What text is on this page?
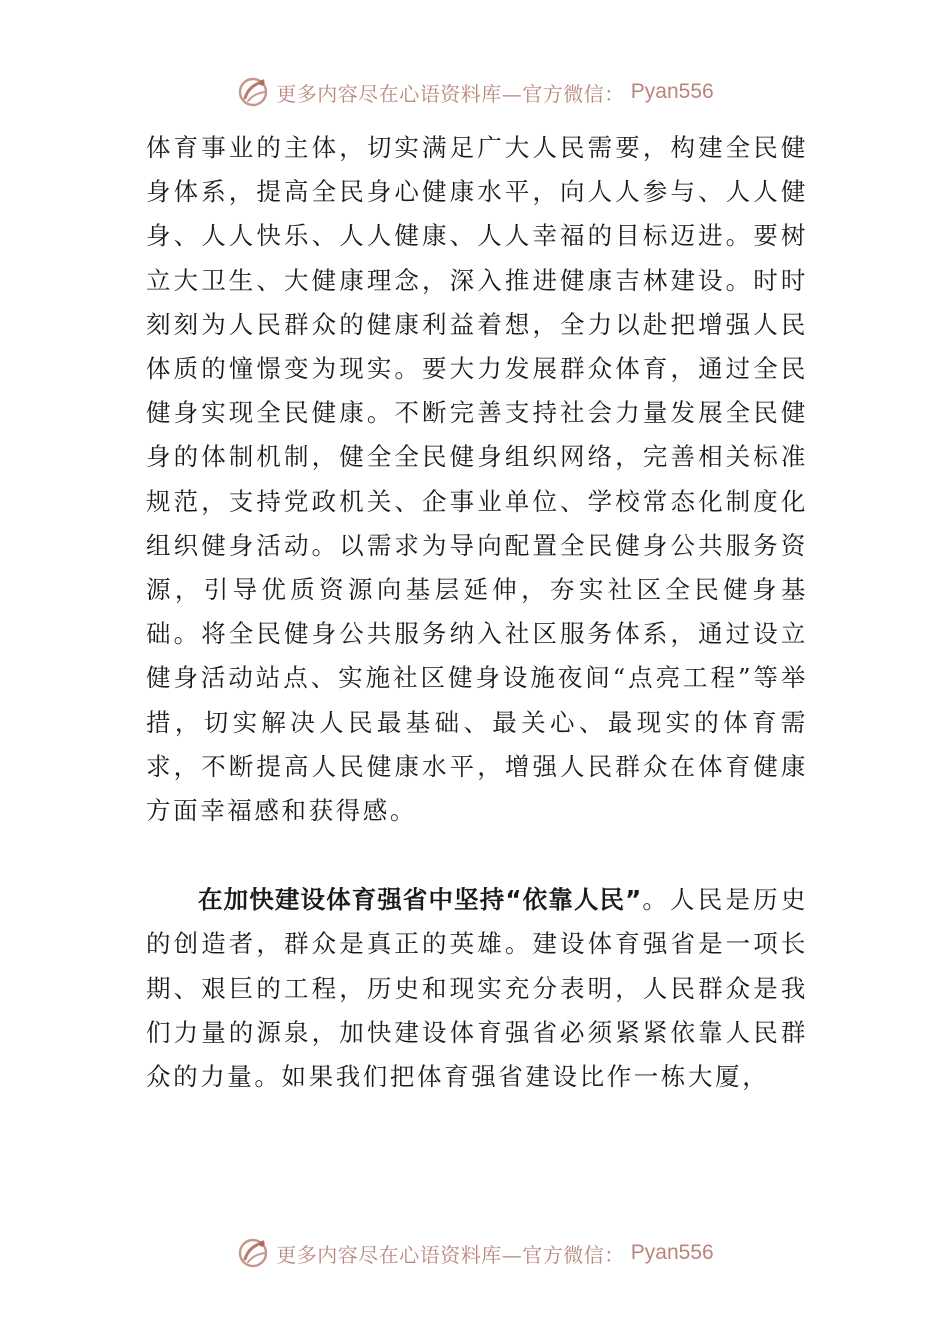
更多内容尽在心语资料库—官方微信： Pyan556

体育事业的主体，切实满足广大人民需要，构建全民健身体系，提高全民身心健康水平，向人人参与、人人健身、人人快乐、人人健康、人人幸福的目标迈进。要树立大卫生、大健康理念，深入推进健康吉林建设。时时刻刻为人民群众的健康利益着想，全力以赴把增强人民体质的憧憬变为现实。要大力发展群众体育，通过全民健身实现全民健康。不断完善支持社会力量发展全民健身的体制机制，健全全民健身组织网络，完善相关标准规范，支持党政机关、企事业单位、学校常态化制度化组织健身活动。以需求为导向配置全民健身公共服务资源，引导优质资源向基层延伸，夯实社区全民健身基础。将全民健身公共服务纳入社区服务体系，通过设立健身活动站点、实施社区健身设施夜间“点亮工程”等举措，切实解决人民最基础、最关心、最现实的体育需求，不断提高人民健康水平，增强人民群众在体育健康方面幸福感和获得感。

在加快建设体育强省中坚持“依靠人民”。人民是历史的创造者，群众是真正的英雄。建设体育强省是一项长期、艰巨的工程，历史和现实充分表明，人民群众是我们力量的源泉，加快建设体育强省必须紧紧依靠人民群众的力量。如果我们把体育强省建设比作一栋大厦，

更多内容尽在心语资料库—官方微信： Pyan556
